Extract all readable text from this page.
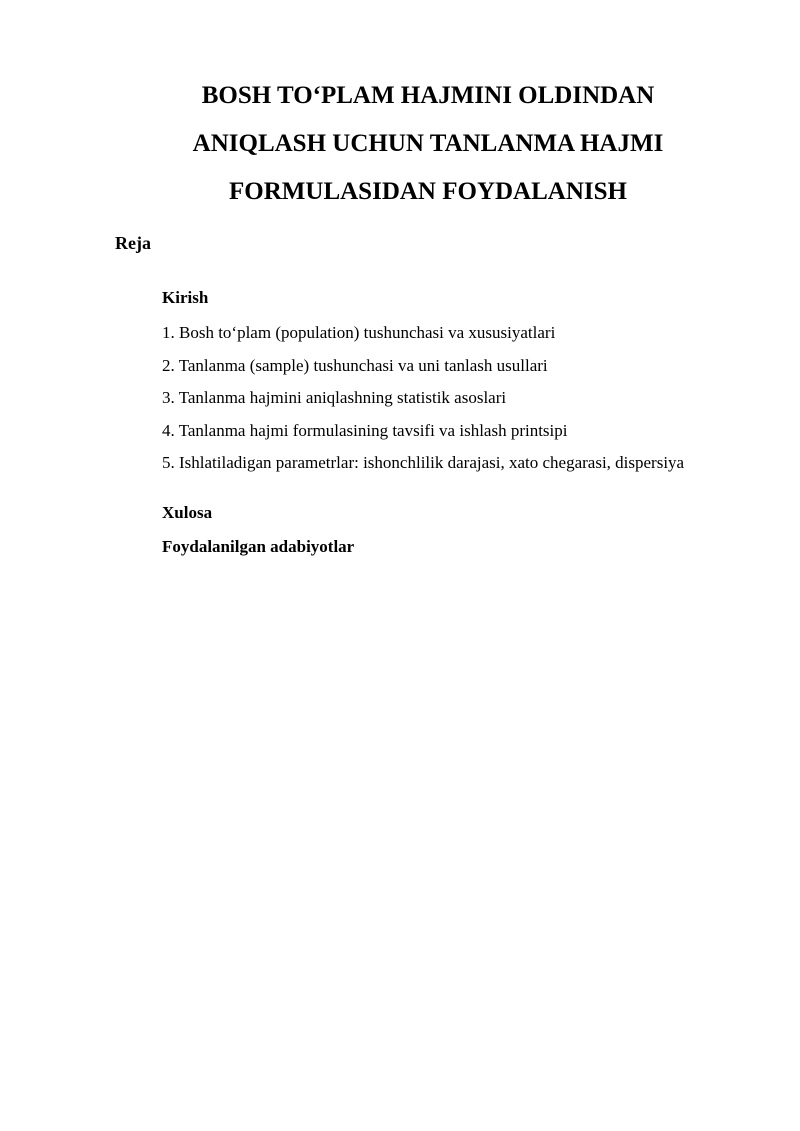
BOSH TO‘PLAM HAJMINI OLDINDAN
ANIQLASH UCHUN TANLANMA HAJMI
FORMULASIDAN FOYDALANISH

Reja

Kirish

1. Bosh to‘plam (population) tushunchasi va xususiyatlari
2. Tanlanma (sample) tushunchasi va uni tanlash usullari
3. Tanlanma hajmini aniqlashning statistik asoslari
4. Tanlanma hajmi formulasining tavsifi va ishlash printsipi
5. Ishlatiladigan parametrlar: ishonchlilik darajasi, xato chegarasi, dispersiya

Xulosa

Foydalanilgan adabiyotlar
